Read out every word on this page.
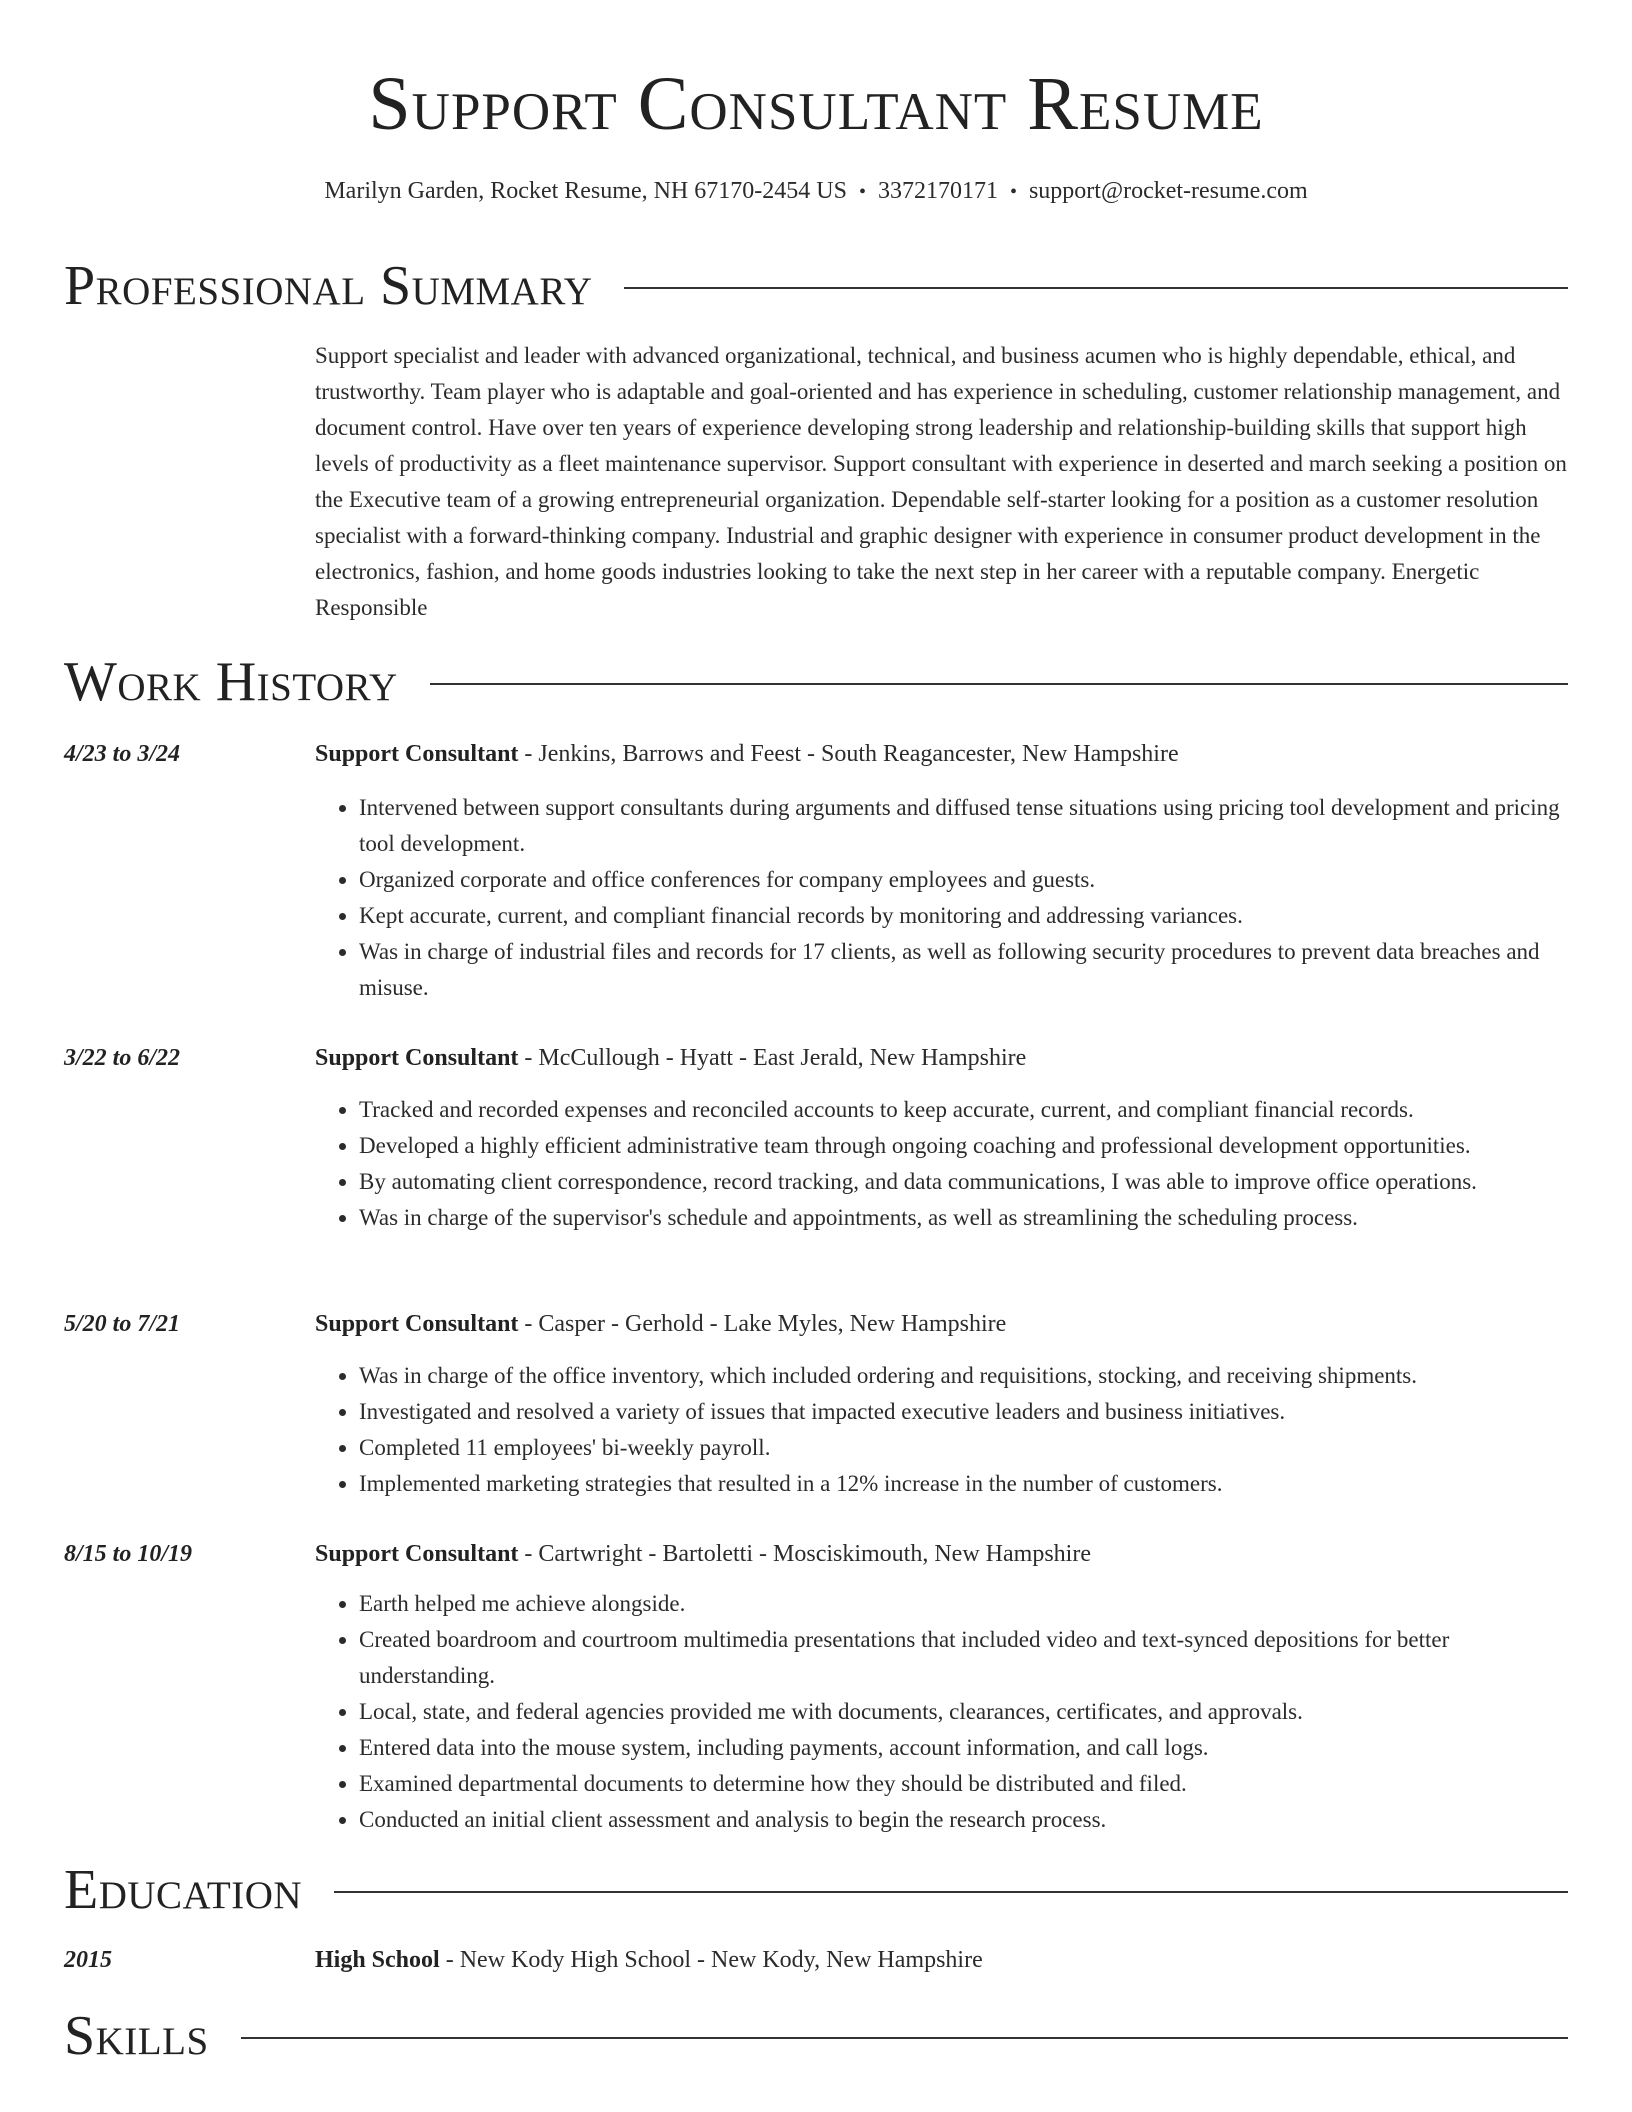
Support Consultant Resume
Marilyn Garden, Rocket Resume, NH 67170-2454 US • 3372170171 • support@rocket-resume.com
Professional Summary

Support specialist and leader with advanced organizational, technical, and business acumen who is highly dependable, ethical, and trustworthy. Team player who is adaptable and goal-oriented and has experience in scheduling, customer relationship management, and document control. Have over ten years of experience developing strong leadership and relationship-building skills that support high levels of productivity as a fleet maintenance supervisor. Support consultant with experience in deserted and march seeking a position on the Executive team of a growing entrepreneurial organization. Dependable self-starter looking for a position as a customer resolution specialist with a forward-thinking company. Industrial and graphic designer with experience in consumer product development in the electronics, fashion, and home goods industries looking to take the next step in her career with a reputable company. Energetic Responsible

Work History
4/23 to 3/24	Support Consultant - Jenkins, Barrows and Feest - South Reagancester, New Hampshire
• Intervened between support consultants during arguments and diffused tense situations using pricing tool development and pricing tool development.
• Organized corporate and office conferences for company employees and guests.
• Kept accurate, current, and compliant financial records by monitoring and addressing variances.
• Was in charge of industrial files and records for 17 clients, as well as following security procedures to prevent data breaches and misuse.
3/22 to 6/22	Support Consultant - McCullough - Hyatt - East Jerald, New Hampshire
• Tracked and recorded expenses and reconciled accounts to keep accurate, current, and compliant financial records.
• Developed a highly efficient administrative team through ongoing coaching and professional development opportunities.
• By automating client correspondence, record tracking, and data communications, I was able to improve office operations.
• Was in charge of the supervisor's schedule and appointments, as well as streamlining the scheduling process.
5/20 to 7/21	Support Consultant - Casper - Gerhold - Lake Myles, New Hampshire
• Was in charge of the office inventory, which included ordering and requisitions, stocking, and receiving shipments.
• Investigated and resolved a variety of issues that impacted executive leaders and business initiatives.
• Completed 11 employees' bi-weekly payroll.
• Implemented marketing strategies that resulted in a 12% increase in the number of customers.
8/15 to 10/19	Support Consultant - Cartwright - Bartoletti - Mosciskimouth, New Hampshire
• Earth helped me achieve alongside.
• Created boardroom and courtroom multimedia presentations that included video and text-synced depositions for better understanding.
• Local, state, and federal agencies provided me with documents, clearances, certificates, and approvals.
• Entered data into the mouse system, including payments, account information, and call logs.
• Examined departmental documents to determine how they should be distributed and filed.
• Conducted an initial client assessment and analysis to begin the research process.
Education
2015	High School - New Kody High School - New Kody, New Hampshire
Skills
